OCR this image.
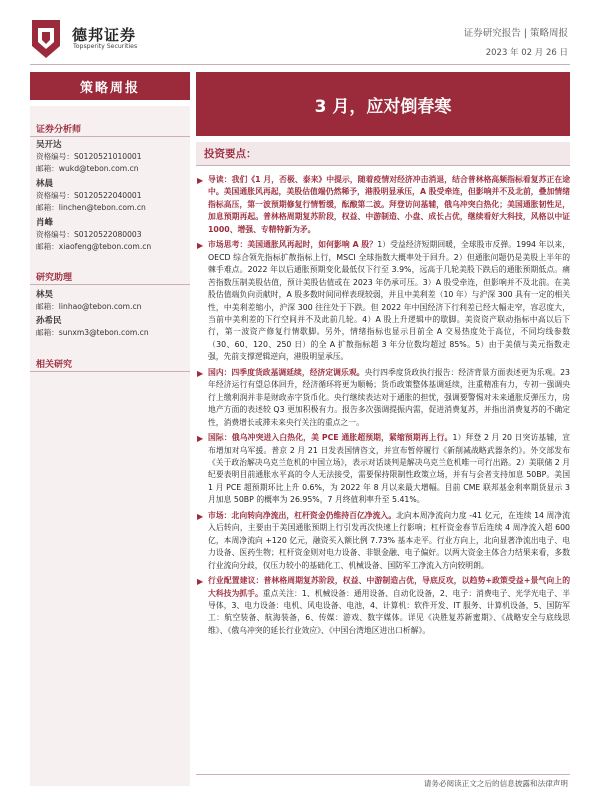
德邦证券
Topsperity Securities
证券研究报告 | 策略周报
2023 年 02 月 26 日
策略周报
3 月，应对倒春寒
证券分析师
吴开达
资格编号：S0120521010001
邮箱：wukd@tebon.com.cn
林晨
资格编号：S0120522040001
邮箱：linchen@tebon.com.cn
肖峰
资格编号：S0120522080003
邮箱：xiaofeng@tebon.com.cn
研究助理
林昊
邮箱：linhao@tebon.com.cn
孙希民
邮箱：sunxm3@tebon.com.cn
相关研究
投资要点：
▶ 导读：我们《1 月，否极、泰来》中提示，随着疫情对经济冲击消退，结合普林格高频指标看复苏正在途中。美国通胀风再起，美股估值端仍然稀予，港股明显承压，A 股受牵连，但影响并不及北前，叠加情绪指标高压，第一波预期修复行情暂缓，酝酿第二波。拜登访问基辅，俄乌冲突白热化；美国通胀韧性足，加息预期再起。普林格周期复苏阶段，权益、中游制造、小盘、成长占优，继续看好大科技，风格以中证 1000、增强、专精特新为矛。
▶ 市场思考：美国通胀风再起时，如何影响 A 股？1）受益经济短期回暖，全球股市反弹。1994 年以来，OECD 综合领先指标扩散指标上行，MSCI 全球指数大概率处于回升。2）但通胀问题仍是美股上半年的棘手难点。2022 年以后通胀预期变化最低仅下行至 3.9%，远高于几轮美股下跌后的通胀预期低点。痛苦指数压制美股估值，预计美股估值或在 2023 年仍承可压。3）A 股受牵连，但影响并不及北前。在美股估值端负向贡献时，A 股多数时间同样表现较弱，并且中美利差（10 年）与沪深 300 具有一定的相关性，中美利差缩小，沪深 300 往往处于下跌。但 2022 年中国经济下行利差已经大幅走窄，容忍度大，当前中美利差的下行空间并不及此前几轮。4）A 股上升逻辑中的歇脚。美资资产联动指标中高以后下行，第一波资产修复行情歇脚。另外，情绪指标也显示目前全 A 交易热度处于高位，不同均线参数（30、60、120、250 日）的全 A 扩散指标超 3 年分位数均超过 85%。5）由于美债与美元指数走强，先前支撑逻辑逆向，港股明显承压。
▶ 国内：四季度货政基调延续，经济定调乐观。央行四季度货政执行报告：经济背景方面表述更为乐观。23 年经济运行有望总体回升，经济循环将更为顺畅；货币政策整体基调延续，注重精准有力，专初一强调央行上缴利润并非是财政赤字货币化。央行继续表达对于通胀的担忧，强调要警惕对未来通胀反弹压力，房地产方面的表述较 Q3 更加积极有力。报告多次强调提振内需，促进消费复苏，并指出消费复苏的不确定性，消费增长或滞未来央行关注的重点之一。
▶ 国际：俄乌冲突进入白热化，美 PCE 通胀超预期，紧缩预期再上行。1）拜登 2 月 20 日突访基辅，宣布增加对乌军援。普京 2 月 21 日发表国情咨文，并宣布暂停履行《新削减战略武器条约》。外交部发布《关于政治解决乌克兰危机的中国立场》，表示对话谈判是解决乌克兰危机唯一可行出路。2）美联储 2 月纪要表明目前通胀水平高的令人无法接受，需要保持限制性政策立场，并有与会者支持加息 50BP。美国 1 月 PCE 超预期环比上升 0.6%，为 2022 年 8 月以来最大增幅。目前 CME 联邦基金利率期货显示 3 月加息 50BP 的概率为 26.95%，7 月终值利率升至 5.41%。
▶ 市场：北向转向净流出，杠杆资金仍维持百亿净流入。北向本周净流向力度 -41 亿元，在连续 14 周净流入后转向，主要由于美国通胀预期上行引发再次快速上行影响；杠杆资金春节后连续 4 周净流入超 600 亿，本周净流向 +120 亿元，融资买入额比例 7.73% 基本走平。行业方向上，北向显著净流出电子、电力设备、医药生物；杠杆资金则对电力设备、非银金融、电子偏好。以两大资金主体合力结果来看，多数行业流向分歧，仅压力较小的基础化工、机械设备、国防军工净流入方向较明朗。
▶ 行业配置建议：普林格周期复苏阶段，权益、中游制造占优，导底反攻，以趋势+政策受益+景气向上的大科技为抓手。重点关注：1、机械设备：通用设备、自动化设备，2、电子：消费电子、光学光电子、半导体，3、电力设备：电机、风电设备、电池，4、计算机：软件开发、IT 服务、计算机设备，5、国防军工：航空装备、航海装备，6、传媒：游戏、数字媒体。详见《决胜复苏新蜜期》、《战略安全与底线思维》、《俄乌冲突的延长行业效应》、《中国台湾地区进出口析解》。
请务必阅读正文之后的信息披露和法律声明
